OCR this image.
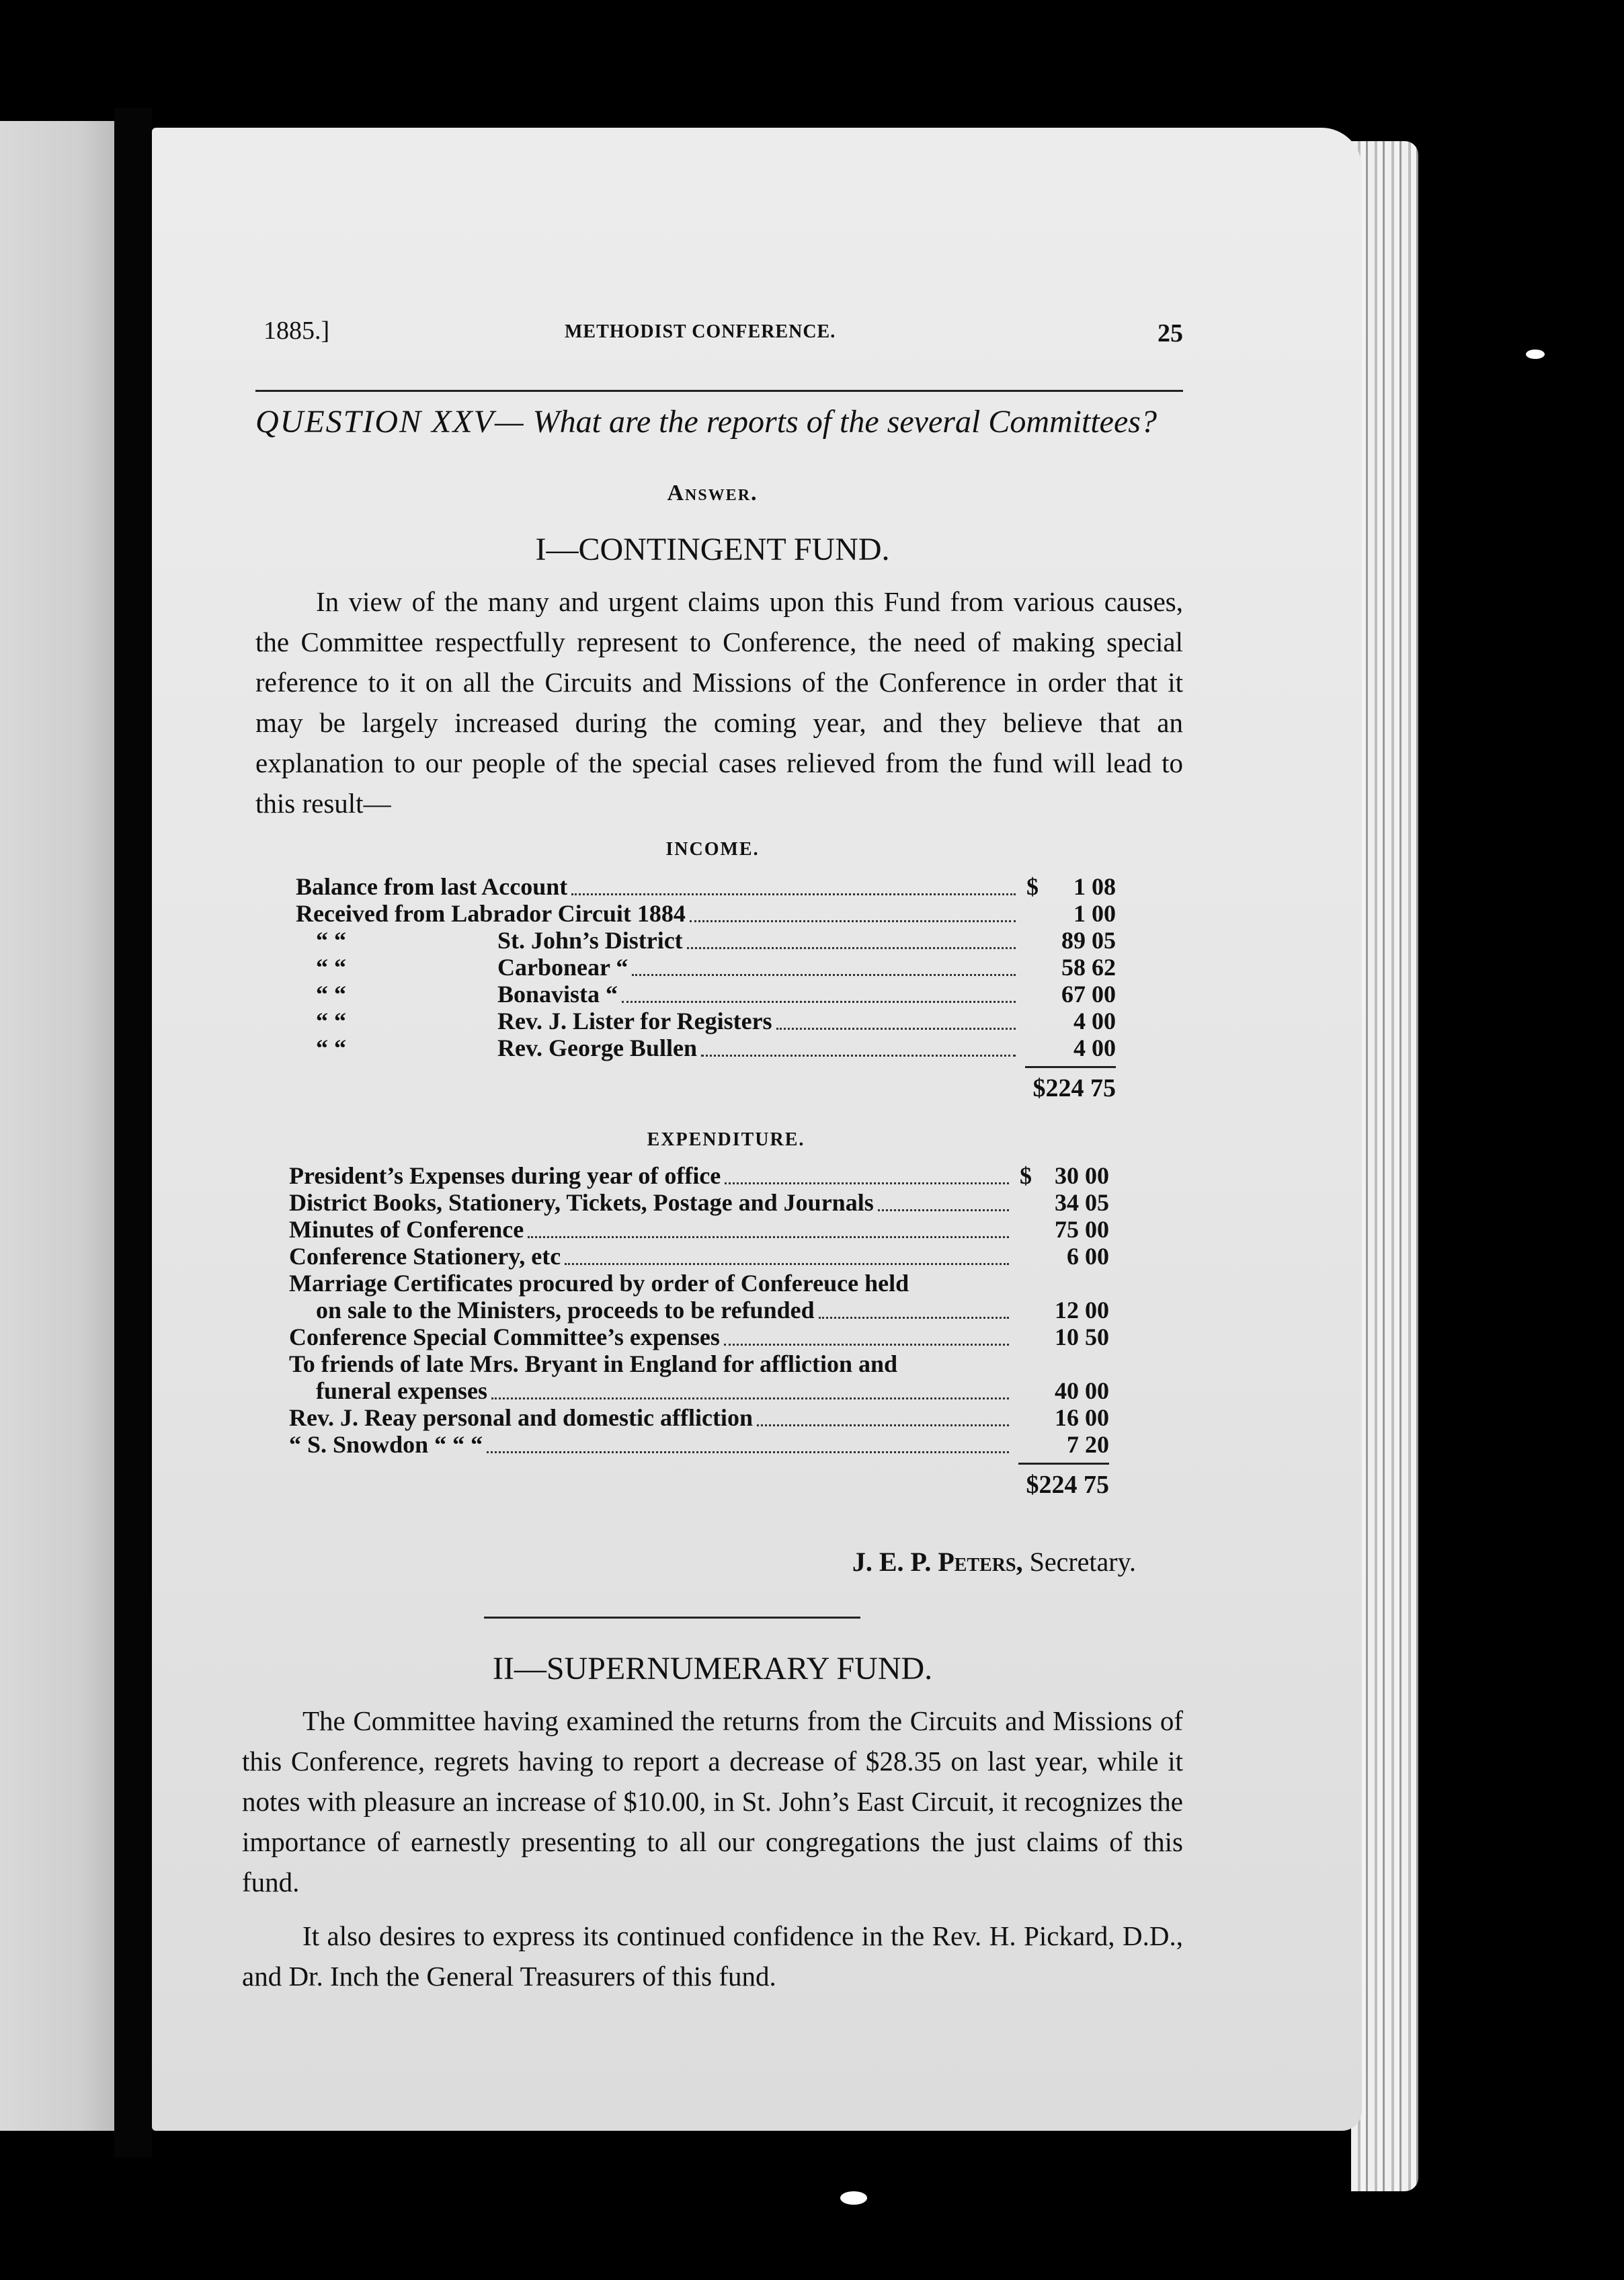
1885.]	METHODIST CONFERENCE.	25
QUESTION XXV— What are the reports of the several Committees?
Answer.
I—CONTINGENT FUND.
In view of the many and urgent claims upon this Fund from various causes, the Committee respectfully represent to Conference, the need of making special reference to it on all the Circuits and Missions of the Conference in order that it may be largely increased during the coming year, and they believe that an explanation to our people of the special cases relieved from the fund will lead to this result—
INCOME.
Balance from last Account	$	1 08
Received from Labrador Circuit 1884	1 00
“ “	St. John’s District	89 05
“ “	Carbonear “	58 62
“ “	Bonavista “	67 00
“ “	Rev. J. Lister for Registers	4 00
“ “	Rev. George Bullen	4 00
$224 75
EXPENDITURE.
President’s Expenses during year of office	$ 30 00
District Books, Stationery, Tickets, Postage and Journals	34 05
Minutes of Conference	75 00
Conference Stationery, etc	6 00
Marriage Certificates procured by order of Confereuce held
on sale to the Ministers, proceeds to be refunded	12 00
Conference Special Committee’s expenses	10 50
To friends of late Mrs. Bryant in England for affliction and
funeral expenses	40 00
Rev. J. Reay personal and domestic affliction	16 00
“ S. Snowdon “ “ “	7 20
$224 75
J. E. P. Peters, Secretary.
II—SUPERNUMERARY FUND.
The Committee having examined the returns from the Circuits and Missions of this Conference, regrets having to report a decrease of $28.35 on last year, while it notes with pleasure an increase of $10.00, in St. John’s East Circuit, it recognizes the importance of earnestly presenting to all our congregations the just claims of this fund.
It also desires to express its continued confidence in the Rev. H. Pickard, D.D., and Dr. Inch the General Treasurers of this fund.
